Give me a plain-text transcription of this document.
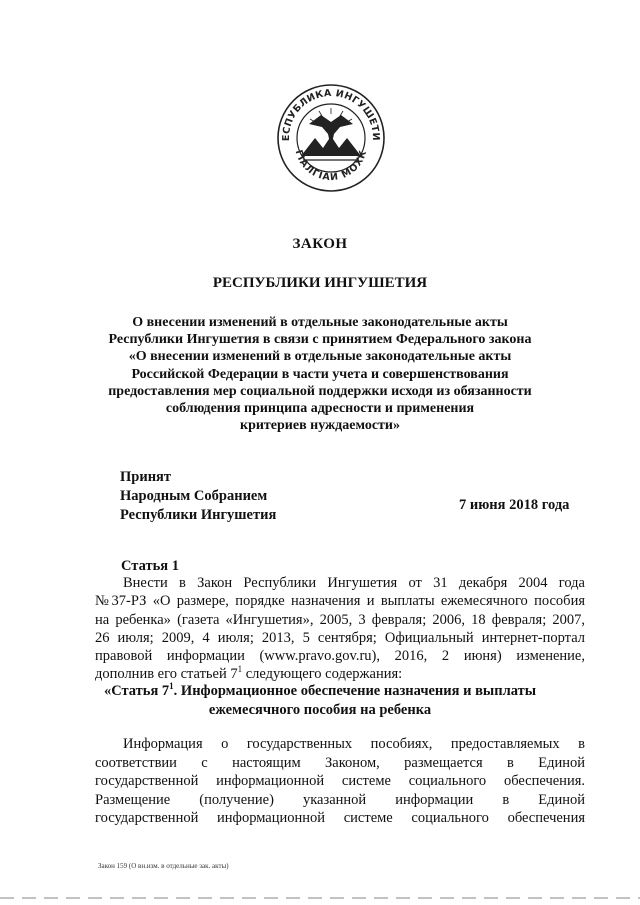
ЕСПУБЛИКА ИНГУШЕТИ
ГӀАЛГӀАЙ МОХК
ЗАКОН
РЕСПУБЛИКИ ИНГУШЕТИЯ
О внесении изменений в отдельные законодательные акты
Республики Ингушетия в связи с принятием Федерального закона
«О внесении изменений в отдельные законодательные акты
Российской Федерации в части учета и совершенствования
предоставления мер социальной поддержки исходя из обязанности
соблюдения принципа адресности и применения
критериев нуждаемости»
Принят
Народным Собранием
Республики Ингушетия
7 июня 2018 года
Статья 1
Внести в Закон Республики Ингушетия от 31 декабря 2004 года
№37-РЗ «О размере, порядке назначения и выплаты ежемесячного пособия
на ребенка» (газета «Ингушетия», 2005, 3 февраля; 2006, 18 февраля; 2007,
26 июля; 2009, 4 июля; 2013, 5 сентября; Официальный интернет-портал
правовой информации (www.pravo.gov.ru), 2016, 2 июня) изменение,
дополнив его статьей $7^1$ следующего содержания:
«Статья $7^1$. Информационное обеспечение назначения и выплаты
ежемесячного пособия на ребенка
Информация о государственных пособиях, предоставляемых в
соответствии с настоящим Законом, размещается в Единой
государственной информационной системе социального обеспечения.
Размещение (получение) указанной информации в Единой
государственной информационной системе социального обеспечения
Закон 159 (О вн.изм. в отдельные зак. акты)
